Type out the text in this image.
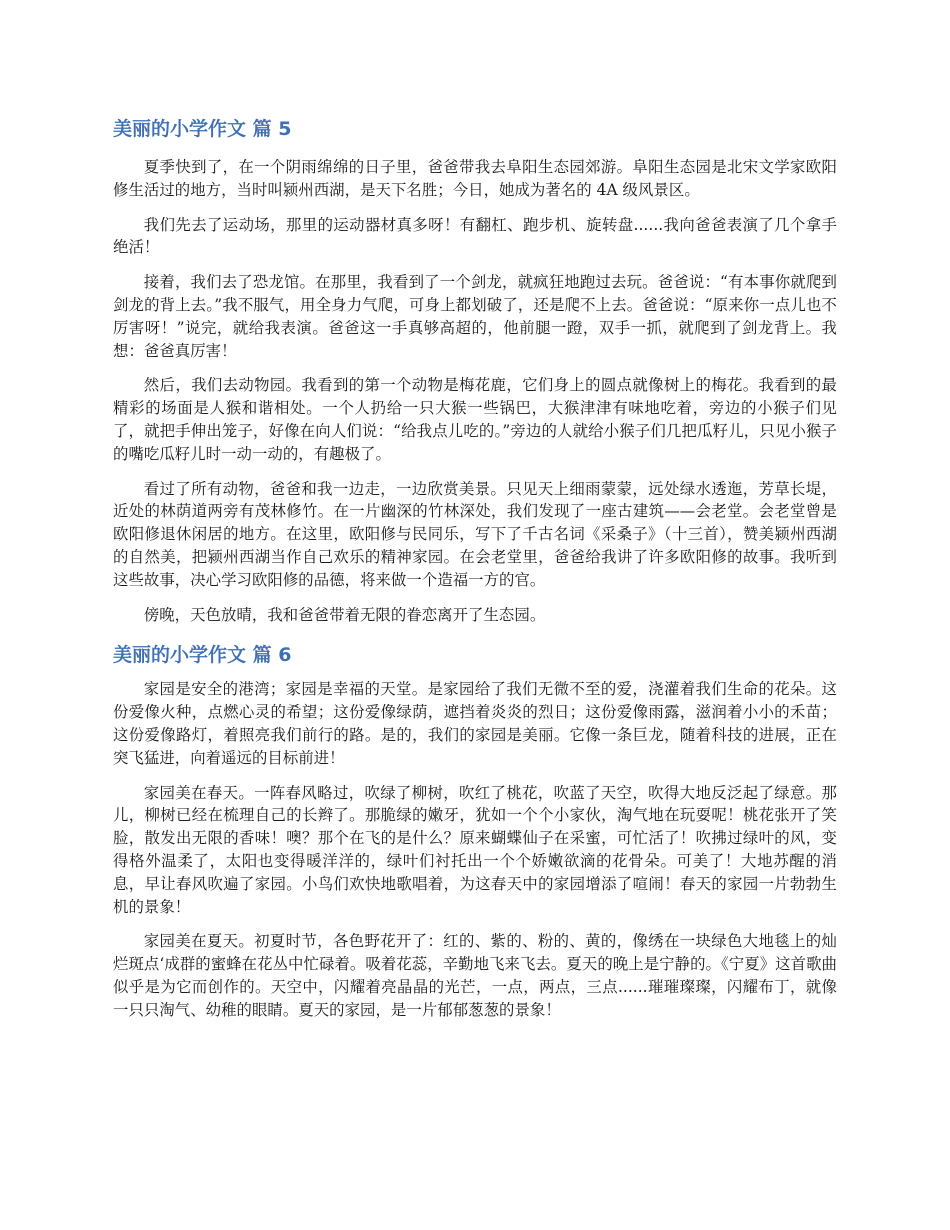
美丽的小学作文 篇 5

夏季快到了，在一个阴雨绵绵的日子里，爸爸带我去阜阳生态园郊游。阜阳生态园是北宋文学家欧阳修生活过的地方，当时叫颍州西湖，是天下名胜；今日，她成为著名的 4A 级风景区。

我们先去了运动场，那里的运动器材真多呀！有翻杠、跑步机、旋转盘......我向爸爸表演了几个拿手绝活！

接着，我们去了恐龙馆。在那里，我看到了一个剑龙，就疯狂地跑过去玩。爸爸说：“有本事你就爬到剑龙的背上去。”我不服气，用全身力气爬，可身上都划破了，还是爬不上去。爸爸说：“原来你一点儿也不厉害呀！”说完，就给我表演。爸爸这一手真够高超的，他前腿一蹬，双手一抓，就爬到了剑龙背上。我想：爸爸真厉害！

然后，我们去动物园。我看到的第一个动物是梅花鹿，它们身上的圆点就像树上的梅花。我看到的最精彩的场面是人猴和谐相处。一个人扔给一只大猴一些锅巴，大猴津津有味地吃着，旁边的小猴子们见了，就把手伸出笼子，好像在向人们说：“给我点儿吃的。”旁边的人就给小猴子们几把瓜籽儿，只见小猴子的嘴吃瓜籽儿时一动一动的，有趣极了。

看过了所有动物，爸爸和我一边走，一边欣赏美景。只见天上细雨蒙蒙，远处绿水透迤，芳草长堤，近处的林荫道两旁有茂林修竹。在一片幽深的竹林深处，我们发现了一座古建筑——会老堂。会老堂曾是欧阳修退休闲居的地方。在这里，欧阳修与民同乐，写下了千古名词《采桑子》（十三首），赞美颍州西湖的自然美，把颍州西湖当作自己欢乐的精神家园。在会老堂里，爸爸给我讲了许多欧阳修的故事。我听到这些故事，决心学习欧阳修的品德，将来做一个造福一方的官。

傍晚，天色放晴，我和爸爸带着无限的眷恋离开了生态园。

美丽的小学作文 篇 6

家园是安全的港湾；家园是幸福的天堂。是家园给了我们无微不至的爱，浇灌着我们生命的花朵。这份爱像火种，点燃心灵的希望；这份爱像绿荫，遮挡着炎炎的烈日；这份爱像雨露，滋润着小小的禾苗；这份爱像路灯，着照亮我们前行的路。是的，我们的家园是美丽。它像一条巨龙，随着科技的进展，正在突飞猛进，向着遥远的目标前进！

家园美在春天。一阵春风略过，吹绿了柳树，吹红了桃花，吹蓝了天空，吹得大地反泛起了绿意。那儿，柳树已经在梳理自己的长辫了。那脆绿的嫩牙，犹如一个个小家伙，淘气地在玩耍呢！桃花张开了笑脸，散发出无限的香味！噢？那个在飞的是什么？原来蝴蝶仙子在采蜜，可忙活了！吹拂过绿叶的风，变得格外温柔了，太阳也变得暖洋洋的，绿叶们衬托出一个个娇嫩欲滴的花骨朵。可美了！大地苏醒的消息，早让春风吹遍了家园。小鸟们欢快地歌唱着，为这春天中的家园增添了喧闹！春天的家园一片勃勃生机的景象！

家园美在夏天。初夏时节，各色野花开了：红的、紫的、粉的、黄的，像绣在一块绿色大地毯上的灿烂斑点‘成群的蜜蜂在花丛中忙碌着。吸着花蕊，辛勤地飞来飞去。夏天的晚上是宁静的。《宁夏》这首歌曲似乎是为它而创作的。天空中，闪耀着亮晶晶的光芒，一点，两点，三点......璀璀璨璨，闪耀布丁，就像一只只淘气、幼稚的眼睛。夏天的家园，是一片郁郁葱葱的景象！
